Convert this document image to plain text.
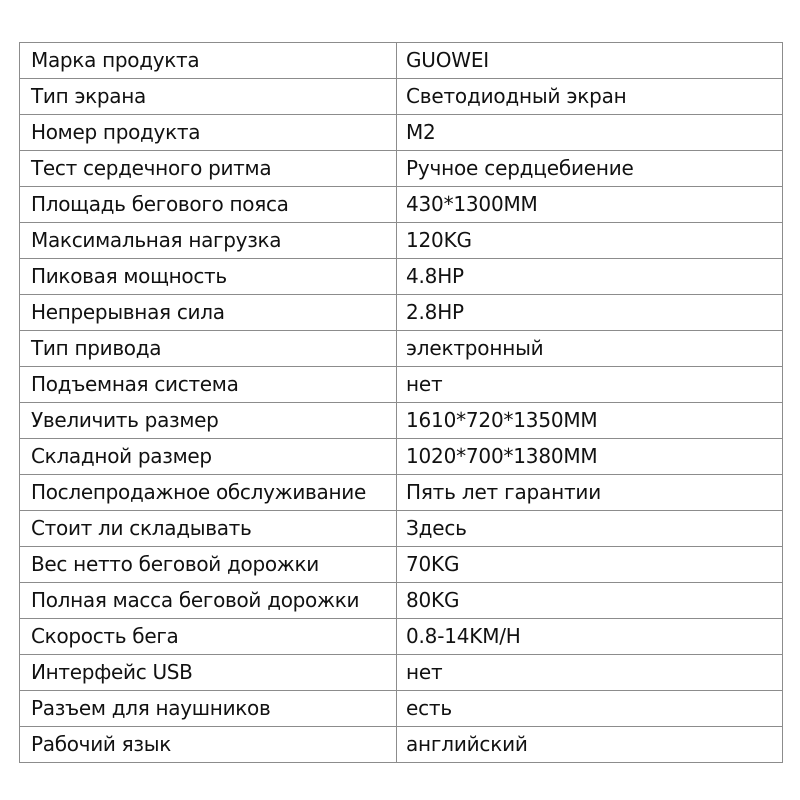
Марка продукта	GUOWEI
Тип экрана	Светодиодный экран
Номер продукта	M2
Тест сердечного ритма	Ручное сердцебиение
Площадь бегового пояса	430*1300MM
Максимальная нагрузка	120KG
Пиковая мощность	4.8HP
Непрерывная сила	2.8HP
Тип привода	электронный
Подъемная система	нет
Увеличить размер	1610*720*1350MM
Складной размер	1020*700*1380MM
Послепродажное обслуживание	Пять лет гарантии
Стоит ли складывать	Здесь
Вес нетто беговой дорожки	70KG
Полная масса беговой дорожки	80KG
Скорость бега	0.8-14KM/H
Интерфейс USB	нет
Разъем для наушников	есть
Рабочий язык	английский
